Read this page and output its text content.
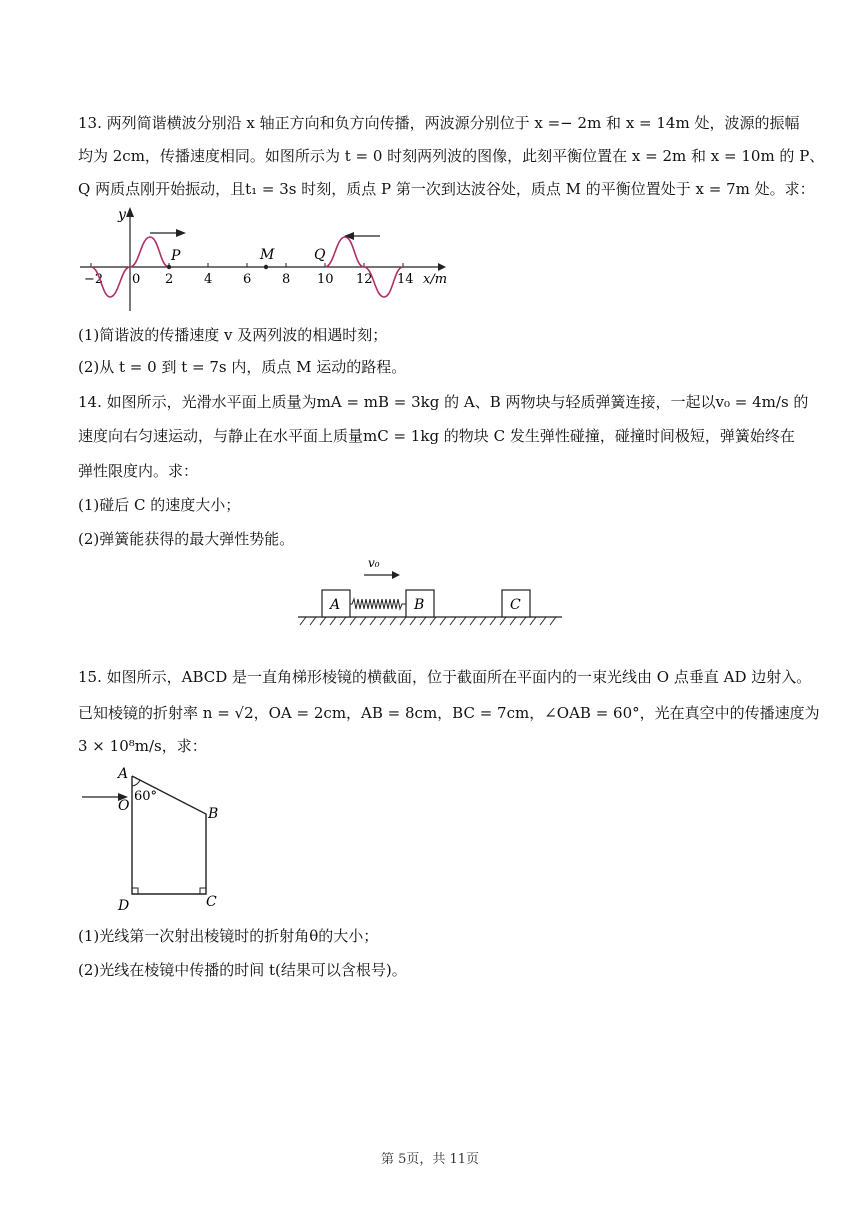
13. 两列简谐横波分别沿 x 轴正方向和负方向传播，两波源分别位于 x =− 2m 和 x = 14m 处，波源的振幅
均为 2cm，传播速度相同。如图所示为 t = 0 时刻两列波的图像，此刻平衡位置在 x = 2m 和 x = 10m 的 P、
Q 两质点刚开始振动，且t₁ = 3s 时刻，质点 P 第一次到达波谷处，质点 M 的平衡位置处于 x = 7m 处。求：
y
x/m
−2 0 2 4 6 8 10 12 14
P	M	Q
(1)简谐波的传播速度 v 及两列波的相遇时刻；
(2)从 t = 0 到 t = 7s 内，质点 M 运动的路程。
14. 如图所示，光滑水平面上质量为mA = mB = 3kg 的 A、B 两物块与轻质弹簧连接，一起以v₀ = 4m/s 的
速度向右匀速运动，与静止在水平面上质量mC = 1kg 的物块 C 发生弹性碰撞，碰撞时间极短，弹簧始终在
弹性限度内。求：
(1)碰后 C 的速度大小；
(2)弹簧能获得的最大弹性势能。
v₀
A	B	C
15. 如图所示，ABCD 是一直角梯形棱镜的横截面，位于截面所在平面内的一束光线由 O 点垂直 AD 边射入。
已知棱镜的折射率 n = √2，OA = 2cm，AB = 8cm，BC = 7cm，∠OAB = 60°，光在真空中的传播速度为
3 × 10⁸m/s，求：
60°
A
O	B
C
D
(1)光线第一次射出棱镜时的折射角θ的大小；
(2)光线在棱镜中传播的时间 t(结果可以含根号)。
第 5页，共 11页
